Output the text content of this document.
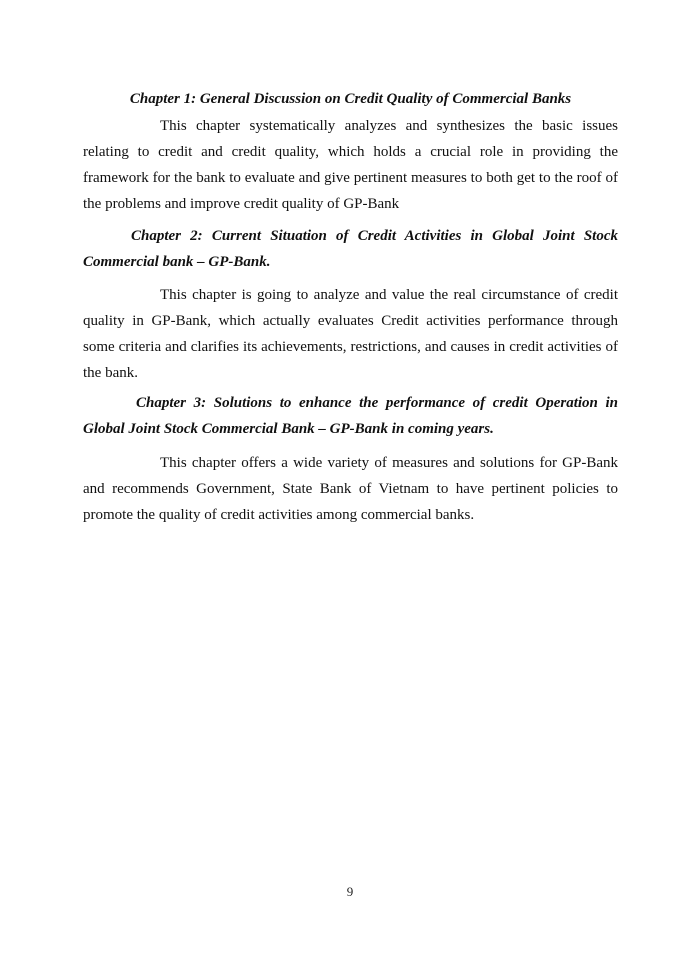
Chapter 1: General Discussion on Credit Quality of Commercial Banks

This chapter systematically analyzes and synthesizes the basic issues relating to credit and credit quality, which holds a crucial role in providing the framework for the bank to evaluate and give pertinent measures to both get to the roof of the problems and improve credit quality of GP-Bank

Chapter 2: Current Situation of Credit Activities in Global Joint Stock Commercial bank – GP-Bank.

This chapter is going to analyze and value the real circumstance of credit quality in GP-Bank, which actually evaluates Credit activities performance through some criteria and clarifies its achievements, restrictions, and causes in credit activities of the bank.

Chapter 3: Solutions to enhance the performance of credit Operation in Global Joint Stock Commercial Bank – GP-Bank in coming years.

This chapter offers a wide variety of measures and solutions for GP-Bank and recommends Government, State Bank of Vietnam to have pertinent policies to promote the quality of credit activities among commercial banks.

9
